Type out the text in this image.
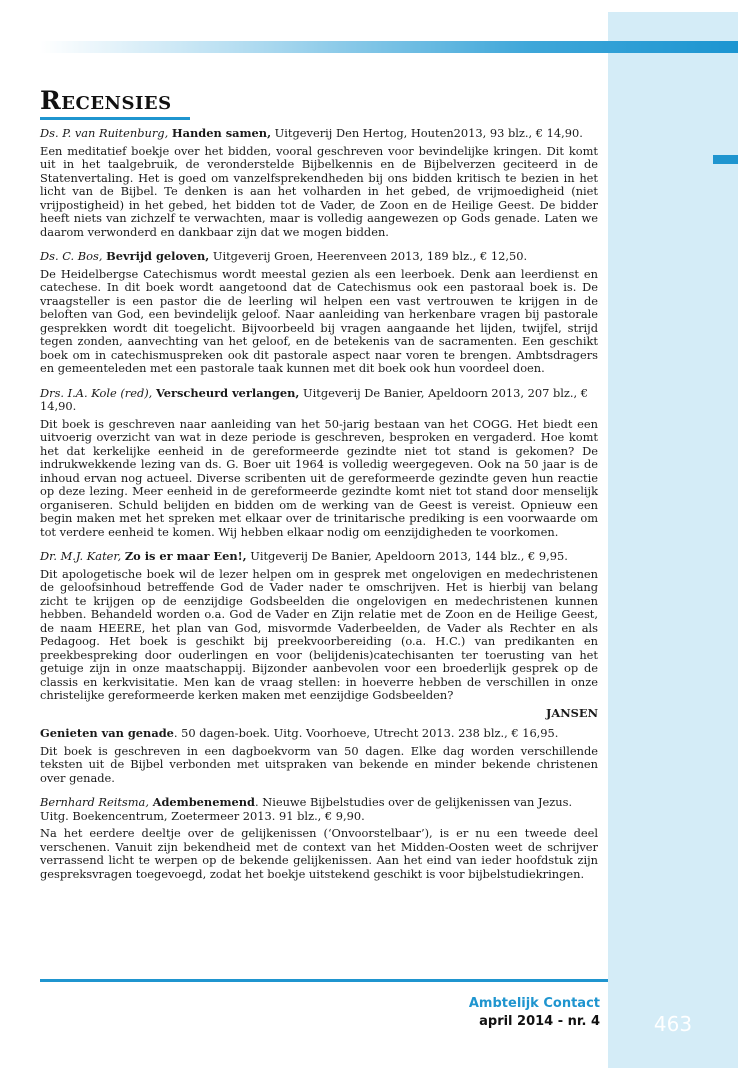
Recensies

Ds. P. van Ruitenburg, Handen samen, Uitgeverij Den Hertog, Houten2013, 93 blz., € 14,90.

Een meditatief boekje over het bidden, vooral geschreven voor bevindelijke kringen. Dit komt uit in het taalgebruik, de veronderstelde Bijbelkennis en de Bijbelverzen geciteerd in de Statenvertaling. Het is goed om vanzelfsprekendheden bij ons bidden kritisch te bezien in het licht van de Bijbel. Te denken is aan het volharden in het gebed, de vrijmoedigheid (niet vrijpostigheid) in het gebed, het bidden tot de Vader, de Zoon en de Heilige Geest. De bidder heeft niets van zichzelf te verwachten, maar is volledig aangewezen op Gods genade. Laten we daarom verwonderd en dankbaar zijn dat we mogen bidden.

Ds. C. Bos, Bevrijd geloven, Uitgeverij Groen, Heerenveen 2013, 189 blz., € 12,50.

De Heidelbergse Catechismus wordt meestal gezien als een leerboek. Denk aan leerdienst en catechese. In dit boek wordt aangetoond dat de Catechismus ook een pastoraal boek is. De vraagsteller is een pastor die de leerling wil helpen een vast vertrouwen te krijgen in de beloften van God, een bevindelijk geloof. Naar aanleiding van herkenbare vragen bij pastorale gesprekken wordt dit toegelicht. Bijvoorbeeld bij vragen aangaande het lijden, twijfel, strijd tegen zonden, aanvechting van het geloof, en de betekenis van de sacramenten. Een geschikt boek om in catechismuspreken ook dit pastorale aspect naar voren te brengen. Ambtsdragers en gemeenteleden met een pastorale taak kunnen met dit boek ook hun voordeel doen.

Drs. I.A. Kole (red), Verscheurd verlangen, Uitgeverij De Banier, Apeldoorn 2013, 207 blz., € 14,90.

Dit boek is geschreven naar aanleiding van het 50-jarig bestaan van het COGG. Het biedt een uitvoerig overzicht van wat in deze periode is geschreven, besproken en vergaderd. Hoe komt het dat kerkelijke eenheid in de gereformeerde gezindte niet tot stand is gekomen? De indrukwekkende lezing van ds. G. Boer uit 1964 is volledig weergegeven. Ook na 50 jaar is de inhoud ervan nog actueel. Diverse scribenten uit de gereformeerde gezindte geven hun reactie op deze lezing. Meer eenheid in de gereformeerde gezindte komt niet tot stand door menselijk organiseren. Schuld belijden en bidden om de werking van de Geest is vereist. Opnieuw een begin maken met het spreken met elkaar over de trinitarische prediking is een voorwaarde om tot verdere eenheid te komen. Wij hebben elkaar nodig om eenzijdigheden te voorkomen.

Dr. M.J. Kater, Zo is er maar Een!, Uitgeverij De Banier, Apeldoorn 2013, 144 blz., € 9,95.

Dit apologetische boek wil de lezer helpen om in gesprek met ongelovigen en medechristenen de geloofsinhoud betreffende God de Vader nader te omschrijven. Het is hierbij van belang zicht te krijgen op de eenzijdige Godsbeelden die ongelovigen en medechristenen kunnen hebben. Behandeld worden o.a. God de Vader en Zijn relatie met de Zoon en de Heilige Geest, de naam HEERE, het plan van God, misvormde Vaderbeelden, de Vader als Rechter en als Pedagoog. Het boek is geschikt bij preekvoorbereiding (o.a. H.C.) van predikanten en preekbespreking door ouderlingen en voor (belijdenis)catechisanten ter toerusting van het getuige zijn in onze maatschappij. Bijzonder aanbevolen voor een broederlijk gesprek op de classis en kerkvisitatie. Men kan de vraag stellen: in hoeverre hebben de verschillen in onze christelijke gereformeerde kerken maken met eenzijdige Godsbeelden?

JANSEN

Genieten van genade. 50 dagen-boek. Uitg. Voorhoeve, Utrecht 2013. 238 blz., € 16,95.

Dit boek is geschreven in een dagboekvorm van 50 dagen. Elke dag worden verschillende teksten uit de Bijbel verbonden met uitspraken van bekende en minder bekende christenen over genade.

Bernhard Reitsma, Adembenemend. Nieuwe Bijbelstudies over de gelijkenissen van Jezus. Uitg. Boekencentrum, Zoetermeer 2013. 91 blz., € 9,90.

Na het eerdere deeltje over de gelijkenissen (‘Onvoorstelbaar’), is er nu een tweede deel verschenen. Vanuit zijn bekendheid met de context van het Midden-Oosten weet de schrijver verrassend licht te werpen op de bekende gelijkenissen. Aan het eind van ieder hoofdstuk zijn gespreksvragen toegevoegd, zodat het boekje uitstekend geschikt is voor bijbelstudiekringen.

Ambtelijk Contact
april 2014 - nr. 4	463
